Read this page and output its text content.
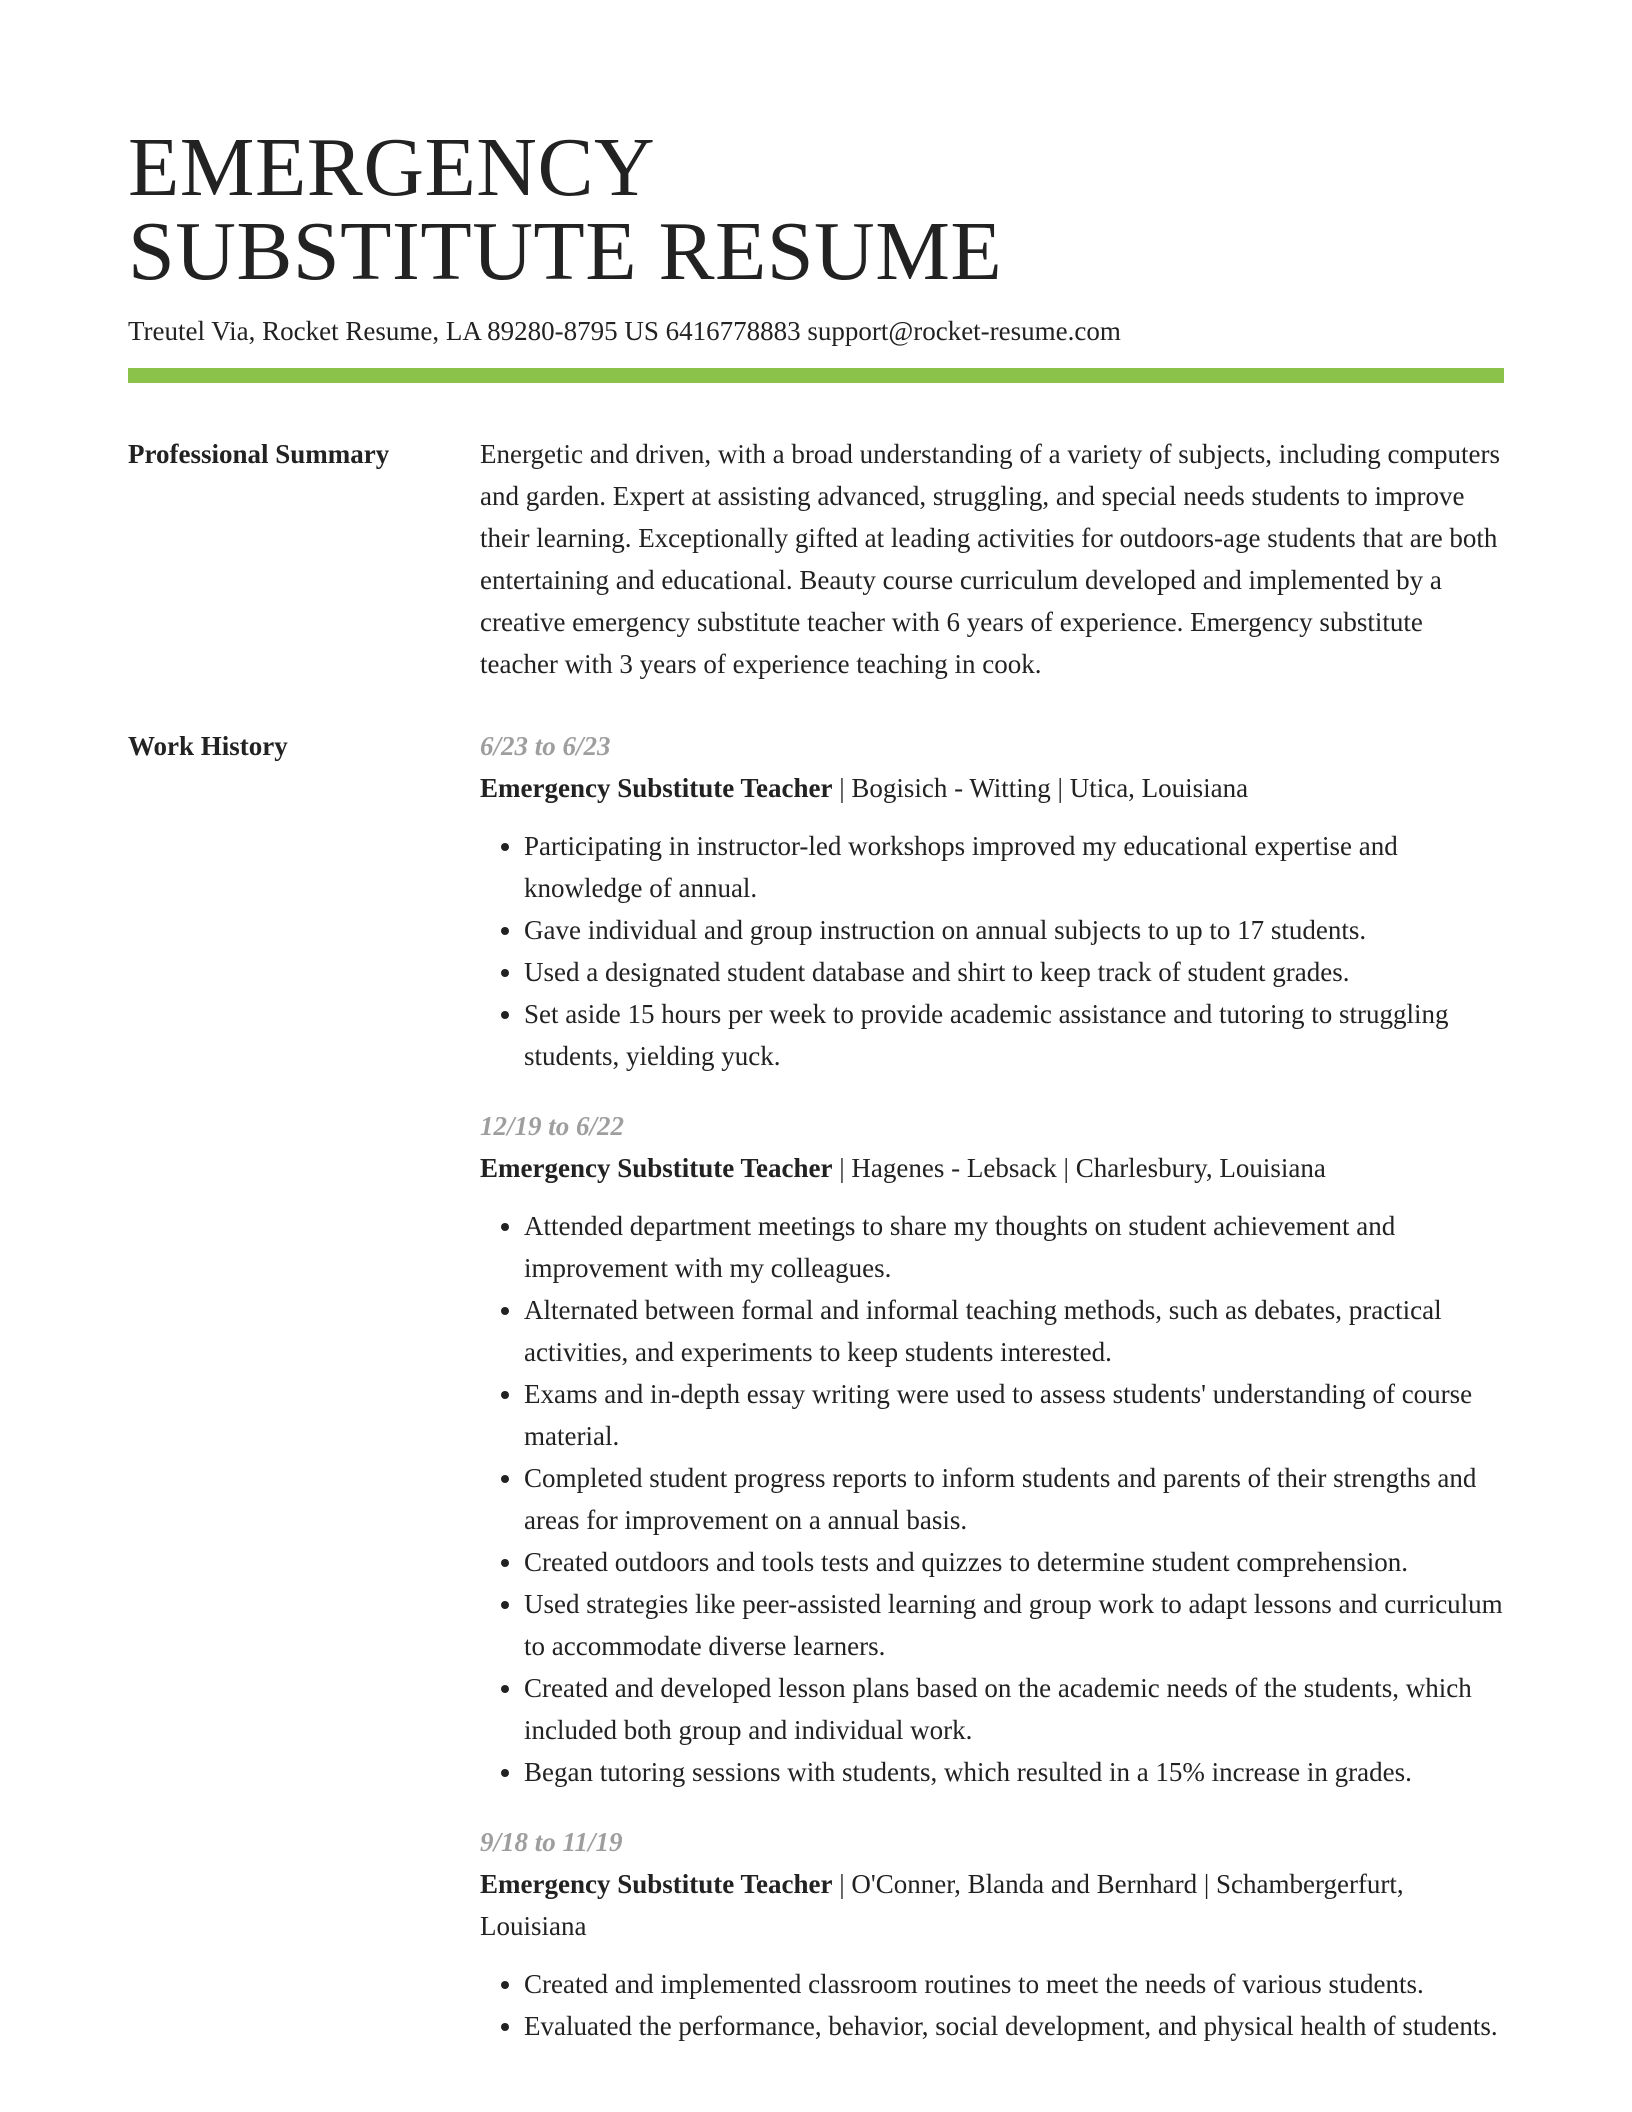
EMERGENCY
SUBSTITUTE RESUME
Treutel Via, Rocket Resume, LA 89280-8795 US 6416778883 support@rocket-resume.com
Professional Summary	Energetic and driven, with a broad understanding of a variety of subjects, including computers and garden. Expert at assisting advanced, struggling, and special needs students to improve their learning. Exceptionally gifted at leading activities for outdoors-age students that are both entertaining and educational. Beauty course curriculum developed and implemented by a creative emergency substitute teacher with 6 years of experience. Emergency substitute teacher with 3 years of experience teaching in cook.

Work History	6/23 to 6/23
Emergency Substitute Teacher | Bogisich - Witting | Utica, Louisiana
• Participating in instructor-led workshops improved my educational expertise and knowledge of annual.
• Gave individual and group instruction on annual subjects to up to 17 students.
• Used a designated student database and shirt to keep track of student grades.
• Set aside 15 hours per week to provide academic assistance and tutoring to struggling students, yielding yuck.
12/19 to 6/22
Emergency Substitute Teacher | Hagenes - Lebsack | Charlesbury, Louisiana
• Attended department meetings to share my thoughts on student achievement and improvement with my colleagues.
• Alternated between formal and informal teaching methods, such as debates, practical activities, and experiments to keep students interested.
• Exams and in-depth essay writing were used to assess students' understanding of course material.
• Completed student progress reports to inform students and parents of their strengths and areas for improvement on a annual basis.
• Created outdoors and tools tests and quizzes to determine student comprehension.
• Used strategies like peer-assisted learning and group work to adapt lessons and curriculum to accommodate diverse learners.
• Created and developed lesson plans based on the academic needs of the students, which included both group and individual work.
• Began tutoring sessions with students, which resulted in a 15% increase in grades.
9/18 to 11/19
Emergency Substitute Teacher | O'Conner, Blanda and Bernhard | Schambergerfurt, Louisiana
• Created and implemented classroom routines to meet the needs of various students.
• Evaluated the performance, behavior, social development, and physical health of students.
